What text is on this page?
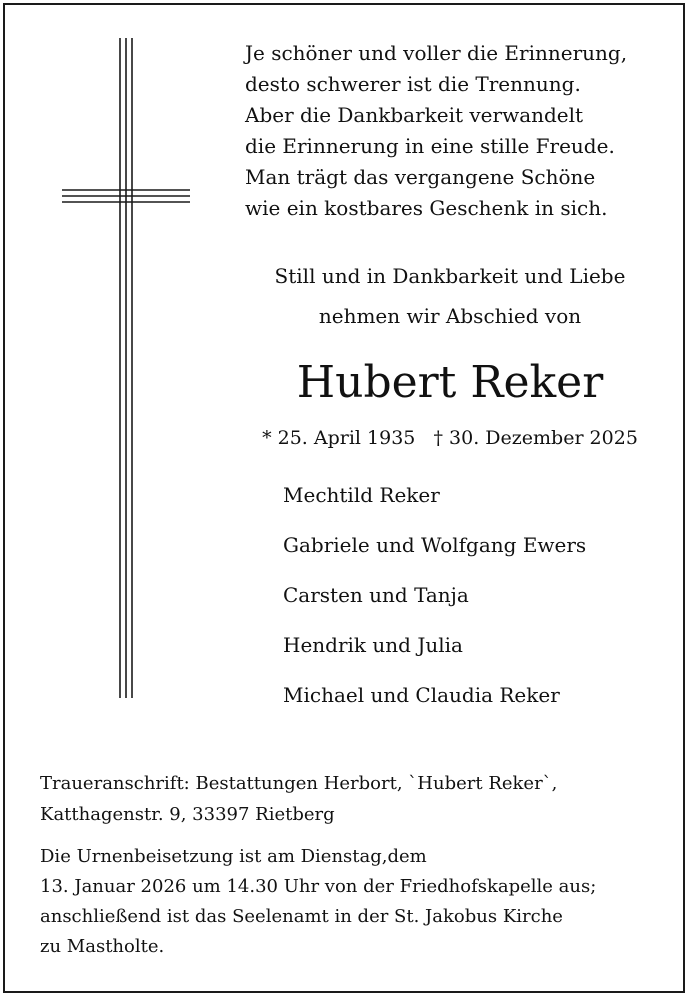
Je schöner und voller die Erinnerung,
desto schwerer ist die Trennung.
Aber die Dankbarkeit verwandelt
die Erinnerung in eine stille Freude.
Man trägt das vergangene Schöne
wie ein kostbares Geschenk in sich.
Still und in Dankbarkeit und Liebe
nehmen wir Abschied von
Hubert Reker
* 25. April 1935   † 30. Dezember 2025
Mechtild Reker
Gabriele und Wolfgang Ewers
Carsten und Tanja
Hendrik und Julia
Michael und Claudia Reker
Traueranschrift: Bestattungen Herbort, `Hubert Reker`,
Katthagenstr. 9, 33397 Rietberg
Die Urnenbeisetzung ist am Dienstag,dem
13. Januar 2026 um 14.30 Uhr von der Friedhofskapelle aus;
anschließend ist das Seelenamt in der St. Jakobus Kirche
zu Mastholte.
